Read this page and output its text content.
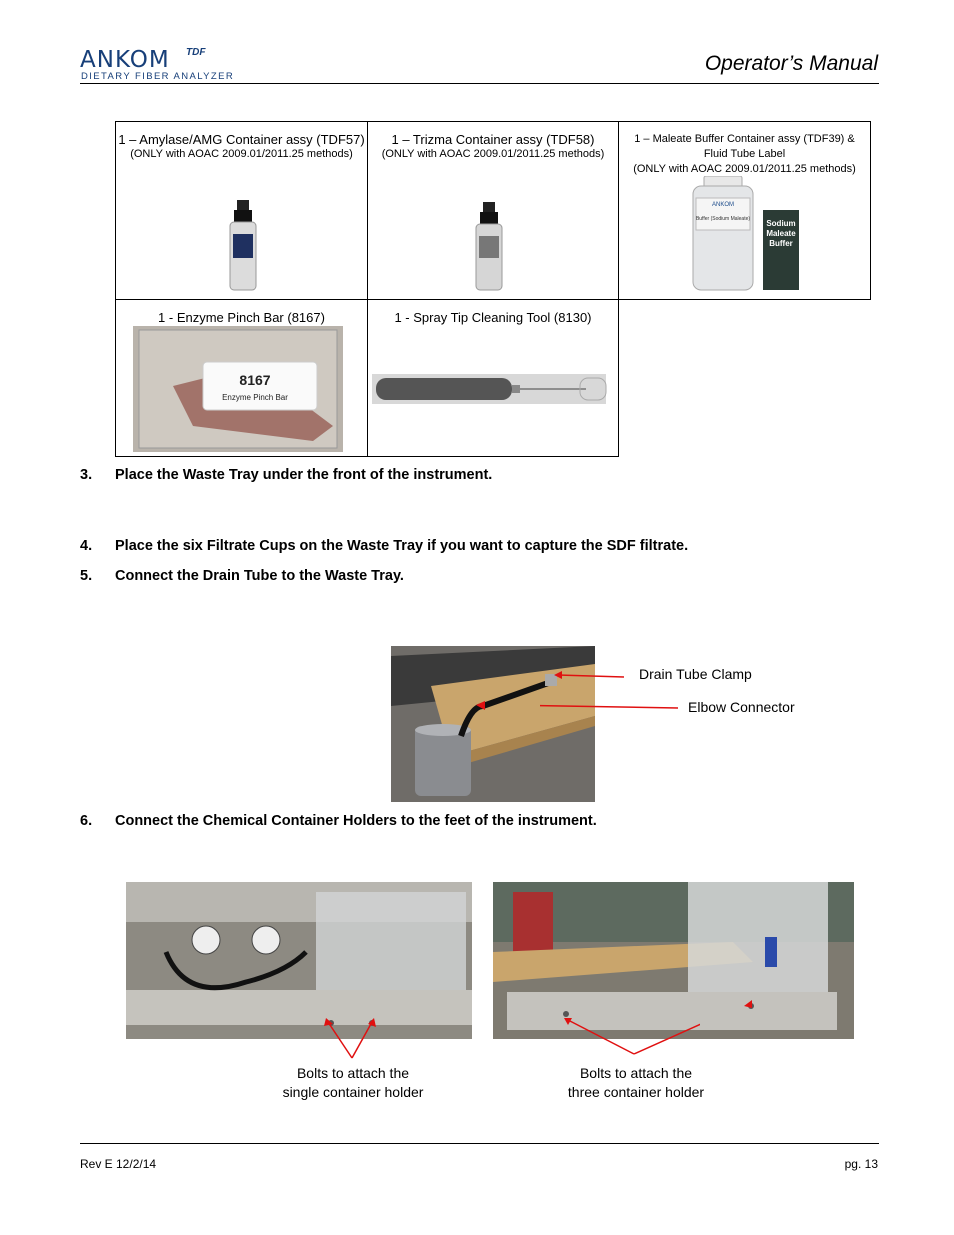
ANKOM TDF
DIETARY FIBER ANALYZER
Operator’s Manual
1 – Amylase/AMG Container assy (TDF57)
(ONLY with AOAC 2009.01/2011.25 methods)
1 – Trizma Container assy (TDF58)
(ONLY with AOAC 2009.01/2011.25 methods)
1 – Maleate Buffer Container assy (TDF39) &
Fluid Tube Label
(ONLY with AOAC 2009.01/2011.25 methods)
ANKOM
Buffer (Sodium Maleate) Sodium
Maleate
Buffer
1 - Enzyme Pinch Bar (8167)
8167
Enzyme Pinch Bar
1 - Spray Tip Cleaning Tool (8130)
3. Place the Waste Tray under the front of the instrument.
4. Place the six Filtrate Cups on the Waste Tray if you want to capture the SDF filtrate.
5. Connect the Drain Tube to the Waste Tray.
Drain Tube Clamp
Elbow Connector
6. Connect the Chemical Container Holders to the feet of the instrument.
Bolts to attach the
single container holder
Bolts to attach the
three container holder
Rev E 12/2/14	pg. 13
